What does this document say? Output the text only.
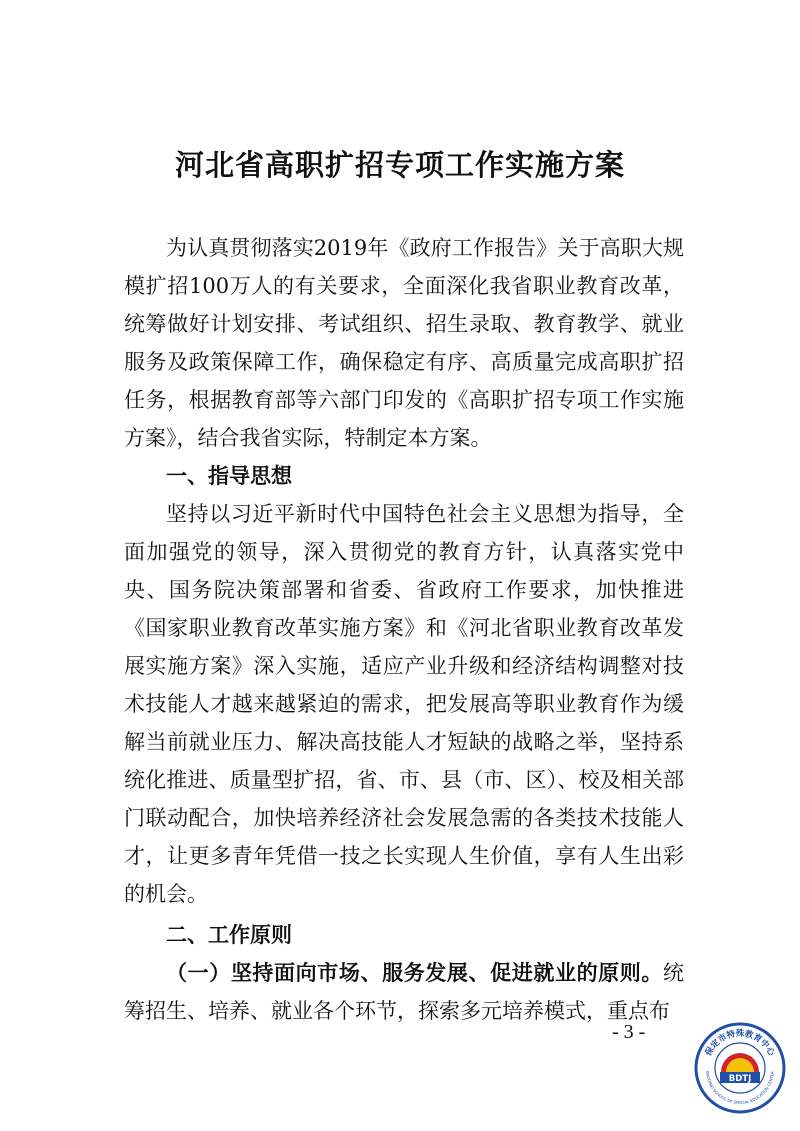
河北省高职扩招专项工作实施方案

为认真贯彻落实2019年《政府工作报告》关于高职大规模扩招100万人的有关要求，全面深化我省职业教育改革，统筹做好计划安排、考试组织、招生录取、教育教学、就业服务及政策保障工作，确保稳定有序、高质量完成高职扩招任务，根据教育部等六部门印发的《高职扩招专项工作实施方案》，结合我省实际，特制定本方案。

一、指导思想

坚持以习近平新时代中国特色社会主义思想为指导，全面加强党的领导，深入贯彻党的教育方针，认真落实党中央、国务院决策部署和省委、省政府工作要求，加快推进《国家职业教育改革实施方案》和《河北省职业教育改革发展实施方案》深入实施，适应产业升级和经济结构调整对技术技能人才越来越紧迫的需求，把发展高等职业教育作为缓解当前就业压力、解决高技能人才短缺的战略之举，坚持系统化推进、质量型扩招，省、市、县（市、区）、校及相关部门联动配合，加快培养经济社会发展急需的各类技术技能人才，让更多青年凭借一技之长实现人生价值，享有人生出彩的机会。

二、工作原则

（一）坚持面向市场、服务发展、促进就业的原则。统筹招生、培养、就业各个环节，探索多元培养模式，重点布

- 3 -
保定市特殊教育中心
BAODING SCHOOL OF SPECIAL EDUCATION CENTER
BDTJ
